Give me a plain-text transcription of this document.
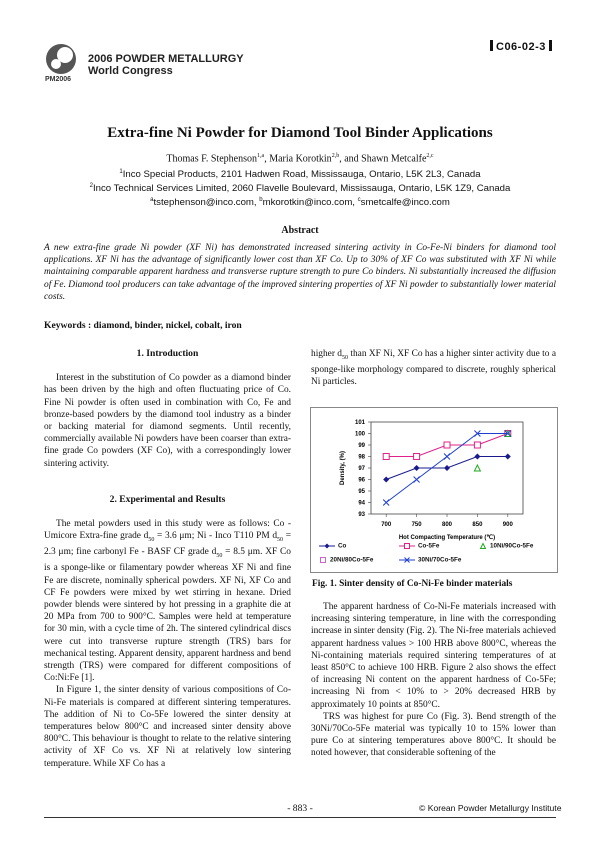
PM2006
2006 POWDER METALLURGY
World Congress
C06-02-3
Extra-fine Ni Powder for Diamond Tool Binder Applications
Thomas F. Stephenson$^{1,a}$, Maria Korotkin$^{2,b}$, and Shawn Metcalfe$^{2,c}$
$^1$Inco Special Products, 2101 Hadwen Road, Mississauga, Ontario, L5K 2L3, Canada
$^2$Inco Technical Services Limited, 2060 Flavelle Boulevard, Mississauga, Ontario, L5K 1Z9, Canada
$^a$tstephenson@inco.com, $^b$mkorotkin@inco.com, $^c$smetcalfe@inco.com
Abstract
A new extra-fine grade Ni powder (XF Ni) has demonstrated increased sintering activity in Co-Fe-Ni binders for diamond tool applications. XF Ni has the advantage of significantly lower cost than XF Co. Up to 30% of XF Co was substituted with XF Ni while maintaining comparable apparent hardness and transverse rupture strength to pure Co binders. Ni substantially increased the diffusion of Fe. Diamond tool producers can take advantage of the improved sintering properties of XF Ni powder to substantially lower material costs.
Keywords : diamond, binder, nickel, cobalt, iron
1. Introduction

Interest in the substitution of Co powder as a diamond binder has been driven by the high and often fluctuating price of Co. Fine Ni powder is often used in combination with Co, Fe and bronze-based powders by the diamond tool industry as a binder or backing material for diamond segments. Until recently, commercially available Ni powders have been coarser than extra-fine grade Co powders (XF Co), with a correspondingly lower sintering activity.

2. Experimental and Results

The metal powders used in this study were as follows: Co - Umicore Extra-fine grade $d_{50} = 3.6$ μm; Ni - Inco T110 PM $d_{50} = 2.3$ μm; fine carbonyl Fe - BASF CF grade $d_{50} = 8.5$ μm. XF Co is a sponge-like or filamentary powder whereas XF Ni and fine Fe are discrete, nominally spherical powders. XF Ni, XF Co and CF Fe powders were mixed by wet stirring in hexane. Dried powder blends were sintered by hot pressing in a graphite die at 20 MPa from 700 to 900°C. Samples were held at temperature for 30 min, with a cycle time of 2h. The sintered cylindrical discs were cut into transverse rupture strength (TRS) bars for mechanical testing. Apparent density, apparent hardness and bend strength (TRS) were compared for different compositions of Co:Ni:Fe [1].

In Figure 1, the sinter density of various compositions of Co-Ni-Fe materials is compared at different sintering temperatures. The addition of Ni to Co-5Fe lowered the sinter density at temperatures below 800°C and increased sinter density above 800°C. This behaviour is thought to relate to the relative sintering activity of XF Co vs. XF Ni at relatively low sintering temperature. While XF Co has a

higher $d_{50}$ than XF Ni, XF Co has a higher sinter activity due to a sponge-like morphology compared to discrete, roughly spherical Ni particles.

93
94
95
96
97
98
99
100
101
700	750	800	850	900
Hot Compacting Temperature (℃)
Density, (%)
Co	Co-5Fe	10Ni/90Co-5Fe
20Ni/80Co-5Fe	30Ni/70Co-5Fe
Fig. 1. Sinter density of Co-Ni-Fe binder materials

The apparent hardness of Co-Ni-Fe materials increased with increasing sintering temperature, in line with the corresponding increase in sinter density (Fig. 2). The Ni-free materials achieved apparent hardness values > 100 HRB above 800°C, whereas the Ni-containing materials required sintering temperatures of at least 850°C to achieve 100 HRB. Figure 2 also shows the effect of increasing Ni content on the apparent hardness of Co-5Fe; increasing Ni from < 10% to > 20% decreased HRB by approximately 10 points at 850°C.

TRS was highest for pure Co (Fig. 3). Bend strength of the 30Ni/70Co-5Fe material was typically 10 to 15% lower than pure Co at sintering temperatures above 800°C. It should be noted however, that considerable softening of the

- 883 -	© Korean Powder Metallurgy Institute
